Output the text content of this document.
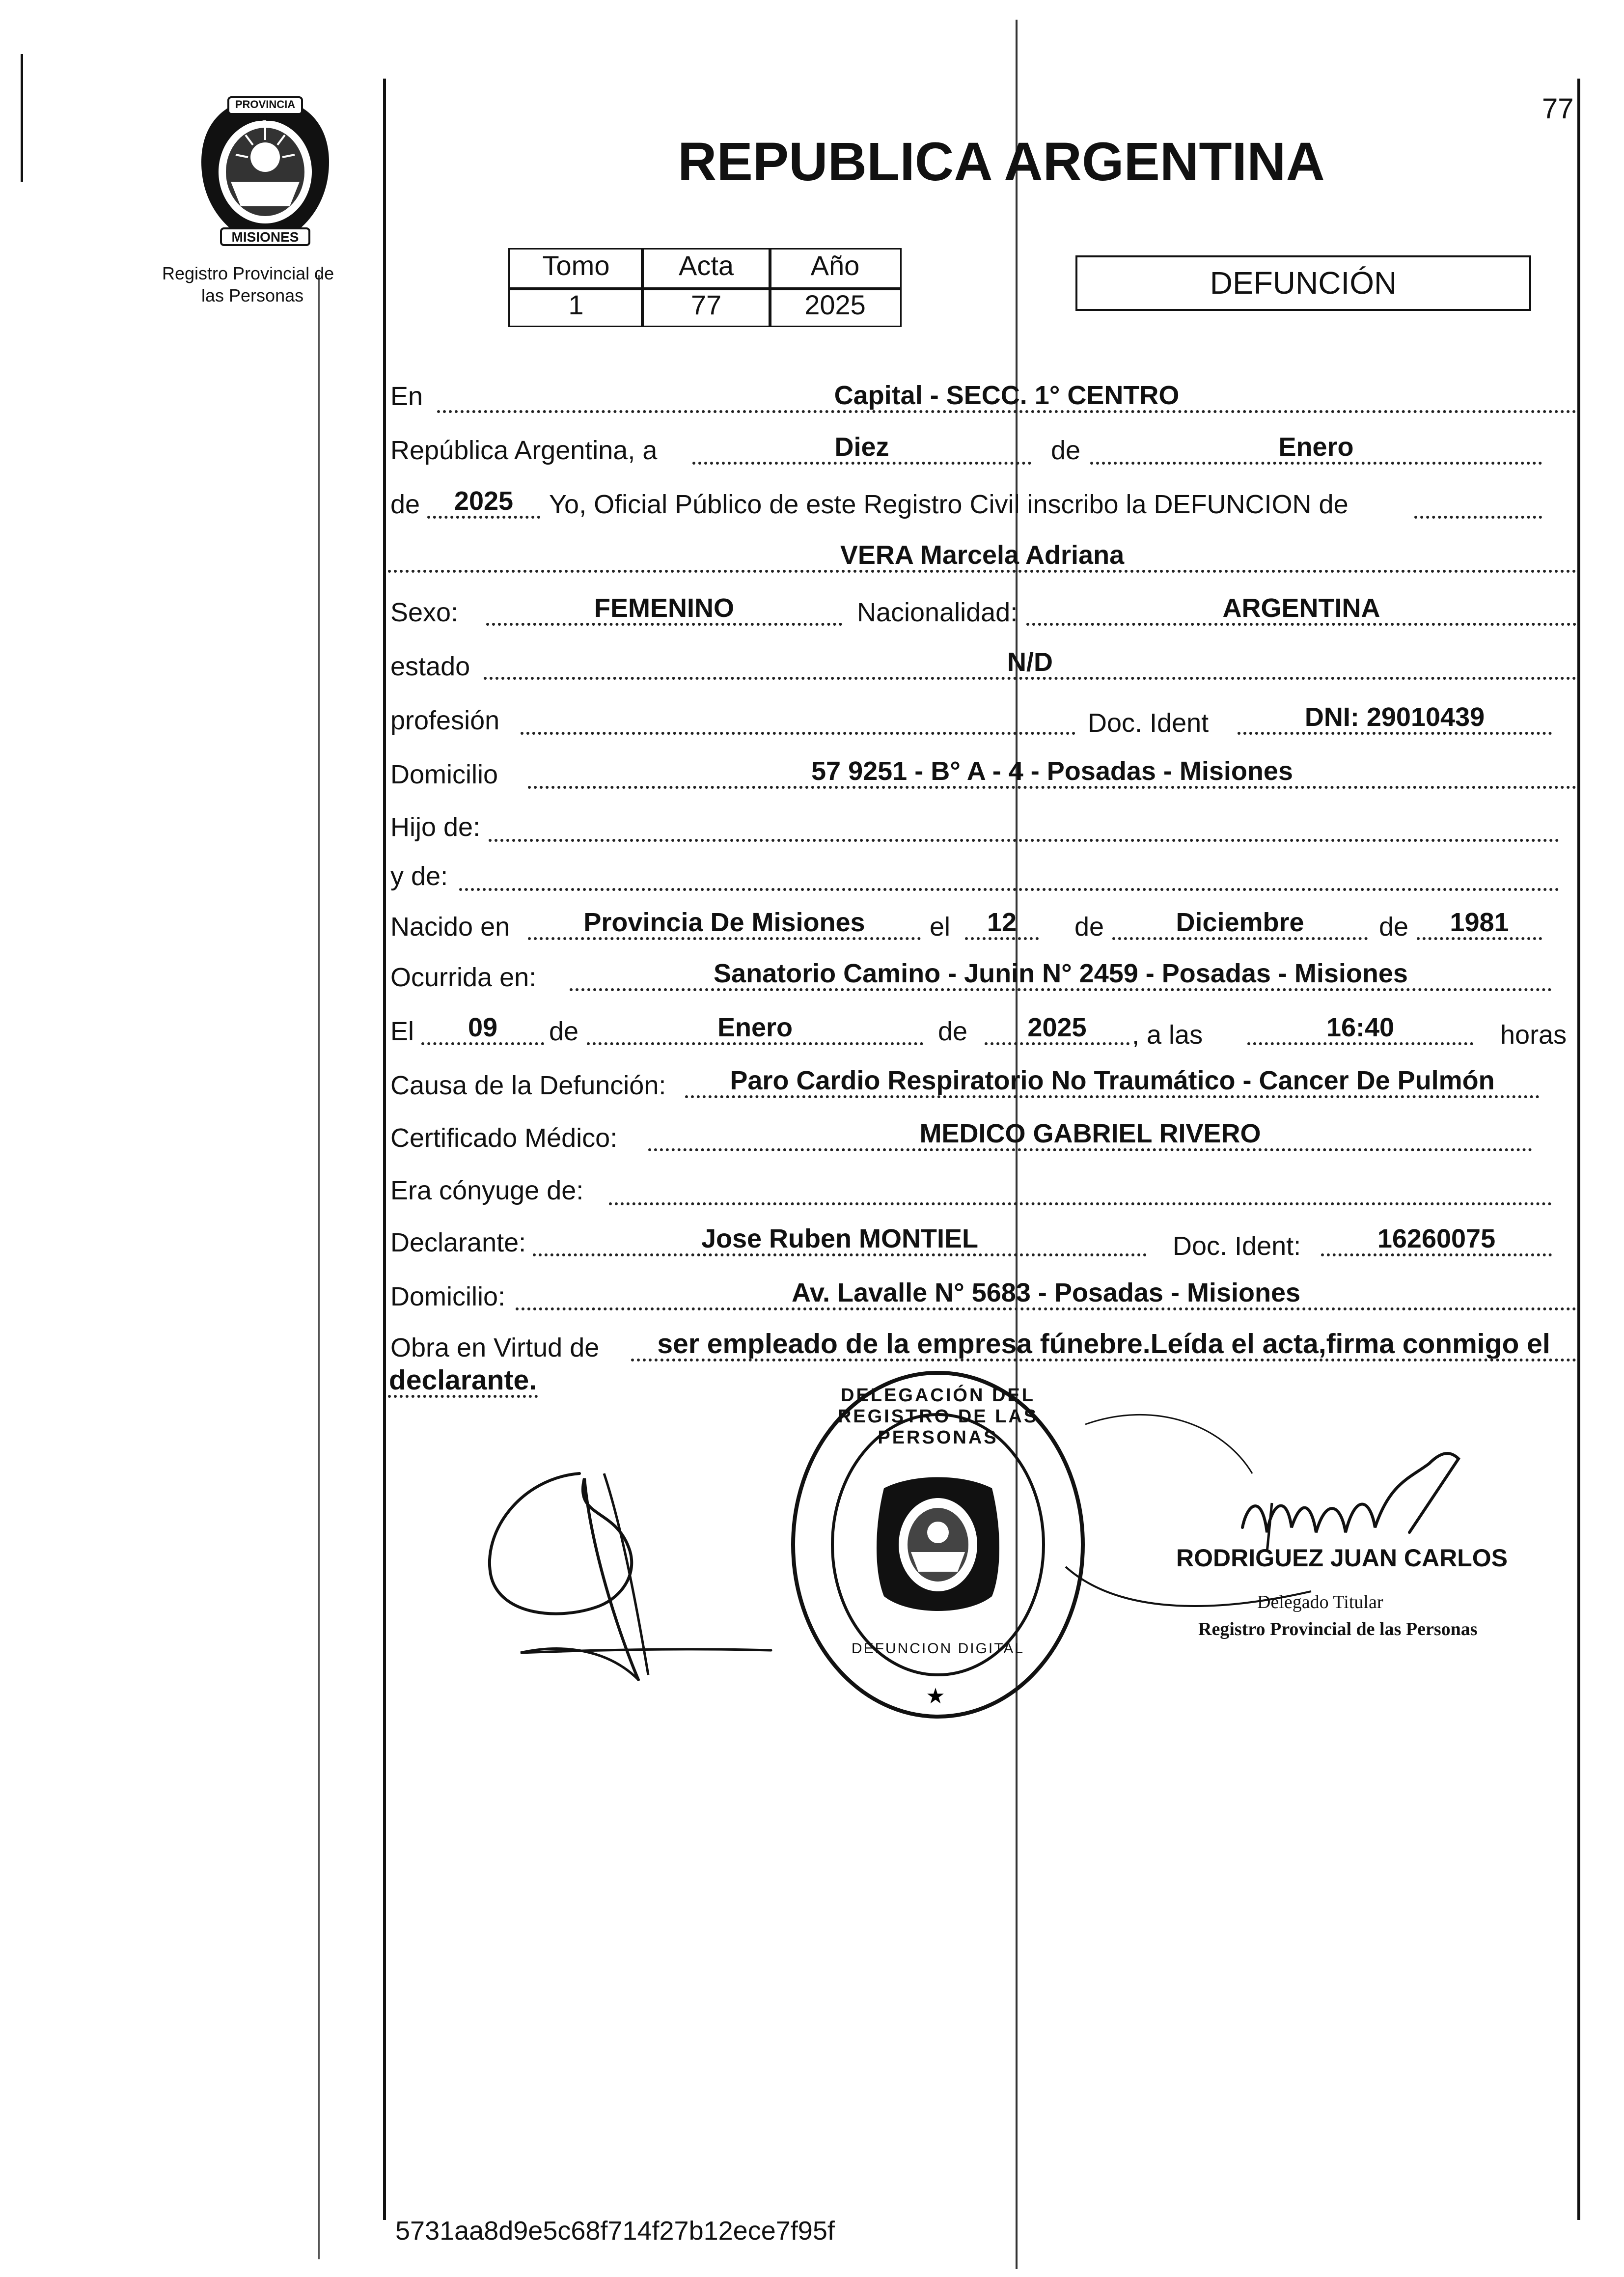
77
PROVINCIA DE
MISIONES
Registro Provincial de
las Personas
REPUBLICA ARGENTINA
Tomo	Acta	Año
1	77	2025
DEFUNCIÓN
En	Capital - SECC. 1° CENTRO
República Argentina, a	Diez	de	Enero
de	2025	Yo, Oficial Público de este Registro Civil inscribo la DEFUNCION de
VERA Marcela Adriana
Sexo:	FEMENINO	Nacionalidad:	ARGENTINA
estado	N/D
profesión	Doc. Ident	DNI: 29010439
Domicilio	57 9251 - B° A - 4 - Posadas - Misiones
Hijo de:
y de:
Nacido en	Provincia De Misiones	el	12	de	Diciembre	de	1981
Ocurrida en:	Sanatorio Camino - Junin N° 2459 - Posadas - Misiones
El	09	de	Enero	de	2025	, a las	16:40	horas
Causa de la Defunción:	Paro Cardio Respiratorio No Traumático - Cancer De Pulmón
Certificado Médico:	MEDICO GABRIEL RIVERO
Era cónyuge de:
Declarante:	Jose Ruben MONTIEL	Doc. Ident:	16260075
Domicilio:	Av. Lavalle N° 5683 - Posadas - Misiones
Obra en Virtud de	ser empleado de la empresa fúnebre.Leída el acta,firma conmigo el
declarante.
★
DELEGACIÓN DEL REGISTRO DE LAS PERSONAS
DEFUNCION DIGITAL
RODRIGUEZ JUAN CARLOS
Delegado Titular
Registro Provincial de las Personas
5731aa8d9e5c68f714f27b12ece7f95f
